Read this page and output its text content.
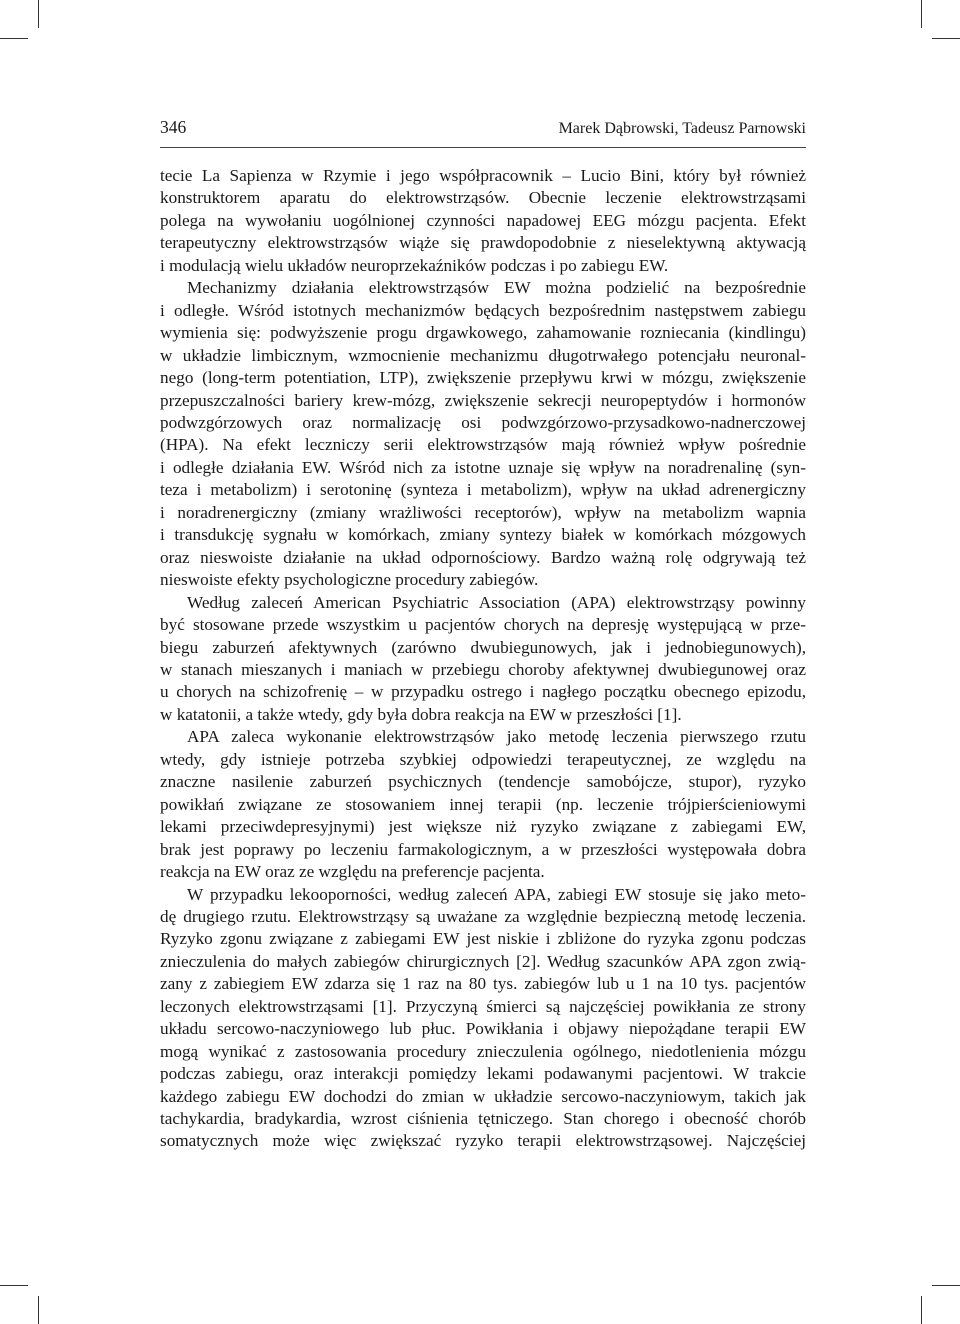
346	Marek Dąbrowski, Tadeusz Parnowski

tecie La Sapienza w Rzymie i jego współpracownik – Lucio Bini, który był również
konstruktorem aparatu do elektrowstrząsów. Obecnie leczenie elektrowstrząsami
polega na wywołaniu uogólnionej czynności napadowej EEG mózgu pacjenta. Efekt
terapeutyczny elektrowstrząsów wiąże się prawdopodobnie z nieselektywną aktywacją
i modulacją wielu układów neuroprzekaźników podczas i po zabiegu EW.

Mechanizmy działania elektrowstrząsów EW można podzielić na bezpośrednie
i odległe. Wśród istotnych mechanizmów będących bezpośrednim następstwem zabiegu
wymienia się: podwyższenie progu drgawkowego, zahamowanie rozniecania (kindlingu)
w układzie limbicznym, wzmocnienie mechanizmu długotrwałego potencjału neuronal-
nego (long-term potentiation, LTP), zwiększenie przepływu krwi w mózgu, zwiększenie
przepuszczalności bariery krew-mózg, zwiększenie sekrecji neuropeptydów i hormonów
podwzgórzowych oraz normalizację osi podwzgórzowo-przysadkowo-nadnerczowej
(HPA). Na efekt leczniczy serii elektrowstrząsów mają również wpływ pośrednie
i odległe działania EW. Wśród nich za istotne uznaje się wpływ na noradrenalinę (syn-
teza i metabolizm) i serotoninę (synteza i metabolizm), wpływ na układ adrenergiczny
i noradrenergiczny (zmiany wrażliwości receptorów), wpływ na metabolizm wapnia
i transdukcję sygnału w komórkach, zmiany syntezy białek w komórkach mózgowych
oraz nieswoiste działanie na układ odpornościowy. Bardzo ważną rolę odgrywają też
nieswoiste efekty psychologiczne procedury zabiegów.

Według zaleceń American Psychiatric Association (APA) elektrowstrząsy powinny
być stosowane przede wszystkim u pacjentów chorych na depresję występującą w prze-
biegu zaburzeń afektywnych (zarówno dwubiegunowych, jak i jednobiegunowych),
w stanach mieszanych i maniach w przebiegu choroby afektywnej dwubiegunowej oraz
u chorych na schizofrenię – w przypadku ostrego i nagłego początku obecnego epizodu,
w katatonii, a także wtedy, gdy była dobra reakcja na EW w przeszłości [1].

APA zaleca wykonanie elektrowstrząsów jako metodę leczenia pierwszego rzutu
wtedy, gdy istnieje potrzeba szybkiej odpowiedzi terapeutycznej, ze względu na
znaczne nasilenie zaburzeń psychicznych (tendencje samobójcze, stupor), ryzyko
powikłań związane ze stosowaniem innej terapii (np. leczenie trójpierścieniowymi
lekami przeciwdepresyjnymi) jest większe niż ryzyko związane z zabiegami EW,
brak jest poprawy po leczeniu farmakologicznym, a w przeszłości występowała dobra
reakcja na EW oraz ze względu na preferencje pacjenta.

W przypadku lekooporności, według zaleceń APA, zabiegi EW stosuje się jako meto-
dę drugiego rzutu. Elektrowstrząsy są uważane za względnie bezpieczną metodę leczenia.
Ryzyko zgonu związane z zabiegami EW jest niskie i zbliżone do ryzyka zgonu podczas
znieczulenia do małych zabiegów chirurgicznych [2]. Według szacunków APA zgon zwią-
zany z zabiegiem EW zdarza się 1 raz na 80 tys. zabiegów lub u 1 na 10 tys. pacjentów
leczonych elektrowstrząsami [1]. Przyczyną śmierci są najczęściej powikłania ze strony
układu sercowo-naczyniowego lub płuc. Powikłania i objawy niepożądane terapii EW
mogą wynikać z zastosowania procedury znieczulenia ogólnego, niedotlenienia mózgu
podczas zabiegu, oraz interakcji pomiędzy lekami podawanymi pacjentowi. W trakcie
każdego zabiegu EW dochodzi do zmian w układzie sercowo-naczyniowym, takich jak
tachykardia, bradykardia, wzrost ciśnienia tętniczego. Stan chorego i obecność chorób
somatycznych może więc zwiększać ryzyko terapii elektrowstrząsowej. Najczęściej
